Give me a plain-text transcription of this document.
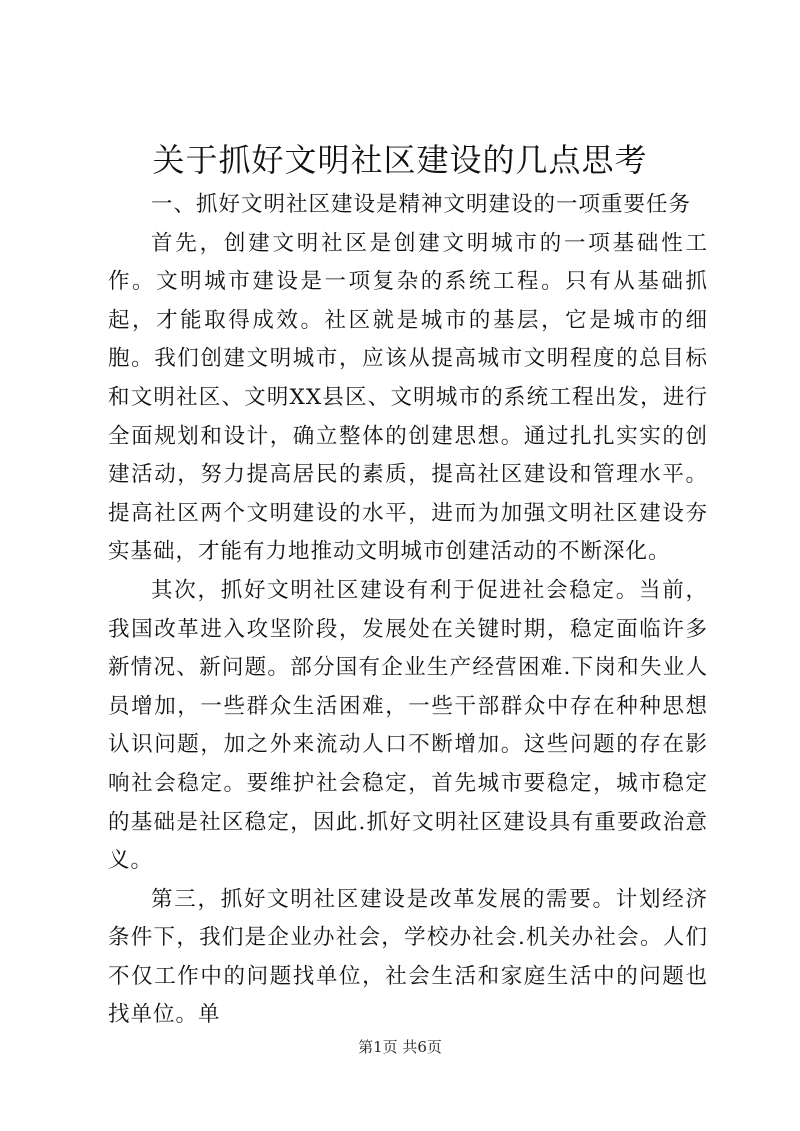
关于抓好文明社区建设的几点思考

一、抓好文明社区建设是精神文明建设的一项重要任务

首先，创建文明社区是创建文明城市的一项基础性工作。文明城市建设是一项复杂的系统工程。只有从基础抓起，才能取得成效。社区就是城市的基层，它是城市的细胞。我们创建文明城市，应该从提高城市文明程度的总目标和文明社区、文明XX县区、文明城市的系统工程出发，进行全面规划和设计，确立整体的创建思想。通过扎扎实实的创建活动，努力提高居民的素质，提高社区建设和管理水平。提高社区两个文明建设的水平，进而为加强文明社区建设夯实基础，才能有力地推动文明城市创建活动的不断深化。

其次，抓好文明社区建设有利于促进社会稳定。当前，我国改革进入攻坚阶段，发展处在关键时期，稳定面临许多新情况、新问题。部分国有企业生产经营困难.下岗和失业人员增加，一些群众生活困难，一些干部群众中存在种种思想认识问题，加之外来流动人口不断增加。这些问题的存在影响社会稳定。要维护社会稳定，首先城市要稳定，城市稳定的基础是社区稳定，因此.抓好文明社区建设具有重要政治意义。

第三，抓好文明社区建设是改革发展的需要。计划经济条件下，我们是企业办社会，学校办社会.机关办社会。人们不仅工作中的问题找单位，社会生活和家庭生活中的问题也找单位。单

第1页 共6页
